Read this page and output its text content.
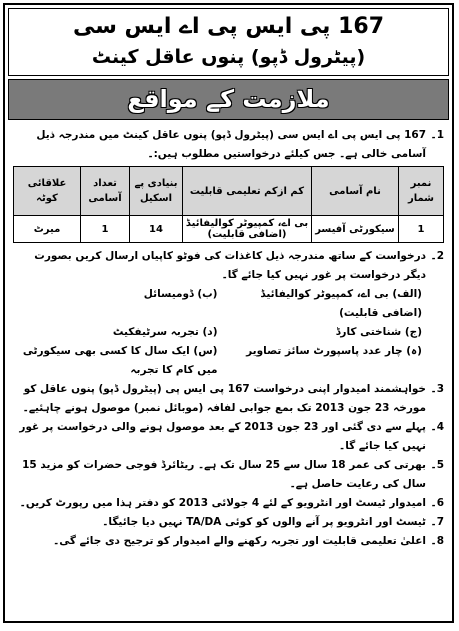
167 پی ایس پی اے ایس سی
(پیٹرول ڈپو) پنوں عاقل کینٹ
ملازمت کے مواقع
1۔
167 پی ایس پی اے ایس سی (پیٹرول ڈپو) پنوں عاقل کینٹ میں مندرجہ ذیل آسامی خالی ہے۔ جس کیلئے درخواستیں مطلوب ہیں:۔
نمبر شمار	نام آسامی	کم ازکم تعلیمی قابلیت	بنیادی پے اسکیل	تعداد آسامی	علاقائی کوٹہ
1	سیکورٹی آفیسر	بی اے، کمپیوٹر کوالیفائیڈ (اضافی قابلیت)	14	1	میرٹ
2۔
درخواست کے ساتھ مندرجہ ذیل کاغذات کی فوٹو کاپیاں ارسال کریں بصورت دیگر درخواست پر غور نہیں کیا جائے گا۔
(الف) بی اے، کمپیوٹر کوالیفائیڈ (اضافی قابلیت)
(ب) ڈومیسائل
(ج) شناختی کارڈ
(د) تجربہ سرٹیفکیٹ
(ہ) چار عدد پاسپورٹ سائز تصاویر
(س) ایک سال کا کسی بھی سیکورٹی میں کام کا تجربہ
3۔
خواہشمند امیدوار اپنی درخواست 167 پی ایس پی (پیٹرول ڈپو) پنوں عاقل کو مورخہ 23 جون 2013 تک بمع جوابی لفافہ (موبائل نمبر) موصول ہونے چاہئیے۔
4۔
پہلے سے دی گئی اور 23 جون 2013 کے بعد موصول ہونے والی درخواست پر غور نہیں کیا جائے گا۔
5۔
بھرتی کی عمر 18 سال سے 25 سال تک ہے۔ ریٹائرڈ فوجی حضرات کو مزید 15 سال کی رعایت حاصل ہے۔
6۔
امیدوار ٹیسٹ اور انٹرویو کے لئے 4 جولائی 2013 کو دفتر ہذا میں رپورٹ کریں۔
7۔
ٹیسٹ اور انٹرویو پر آنے والوں کو کوئی TA/DA نہیں دیا جائیگا۔
8۔
اعلیٰ تعلیمی قابلیت اور تجربہ رکھنے والے امیدوار کو ترجیح دی جائے گی۔
